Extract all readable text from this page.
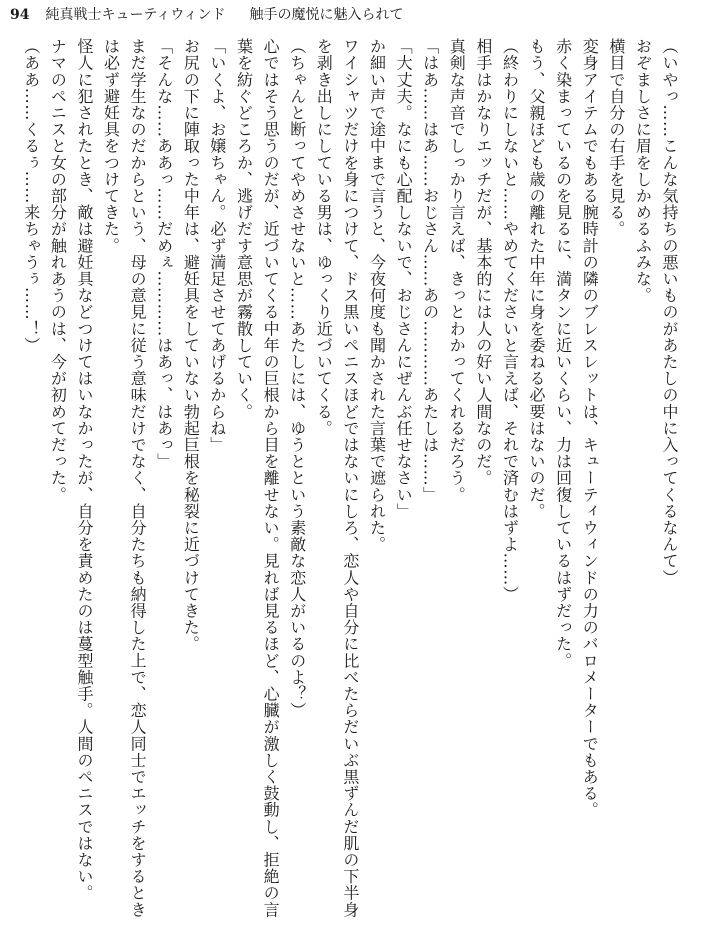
94 純真戦士キューティウィンド 触手の魔悦に魅入られて

（いやっ……こんな気持ちの悪いものがあたしの中に入ってくるなんて）

おぞましさに眉をしかめるふみな。

横目で自分の右手を見る。

変身アイテムでもある腕時計の隣のブレスレットは、キューティウィンドの力のバロメーターでもある。

赤く染まっているのを見るに、満タンに近いくらい、力は回復しているはずだった。

もう、父親ほども歳の離れた中年に身を委ねる必要はないのだ。

（終わりにしないと……やめてくださいと言えば、それで済むはずよ……）

相手はかなりエッチだが、基本的には人の好い人間なのだ。

真剣な声音でしっかり言えば、きっとわかってくれるだろう。

「はあ……はあ……おじさん……あの…………あたしは……」

「大丈夫。なにも心配しないで、おじさんにぜんぶ任せなさい」

か細い声で途中まで言うと、今夜何度も聞かされた言葉で遮られた。

ワイシャツだけを身につけて、ドス黒いペニスほどではないにしろ、恋人や自分に比べたらだいぶ黒ずんだ肌の下半身を剥き出しにしている男は、ゆっくり近づいてくる。

（ちゃんと断ってやめさせないと……あたしには、ゆうとという素敵な恋人がいるのよ？）

心ではそう思うのだが、近づいてくる中年の巨根から目を離せない。見れば見るほど、心臓が激しく鼓動し、拒絶の言葉を紡ぐどころか、逃げだす意思が霧散していく。

「いくよ、お嬢ちゃん。必ず満足させてあげるからね」

お尻の下に陣取った中年は、避妊具をしていない勃起巨根を秘裂に近づけてきた。

「そんな……ああっ……だめぇ…………はあっ、はあっ」

まだ学生なのだからという、母の意見に従う意味だけでなく、自分たちも納得した上で、恋人同士でエッチをするときは必ず避妊具をつけてきた。

怪人に犯されたとき、敵は避妊具などつけてはいなかったが、自分を責めたのは蔓型触手。人間のペニスではない。

ナマのペニスと女の部分が触れあうのは、今が初めてだった。

（ああ……くるぅ……来ちゃうぅ……！）
